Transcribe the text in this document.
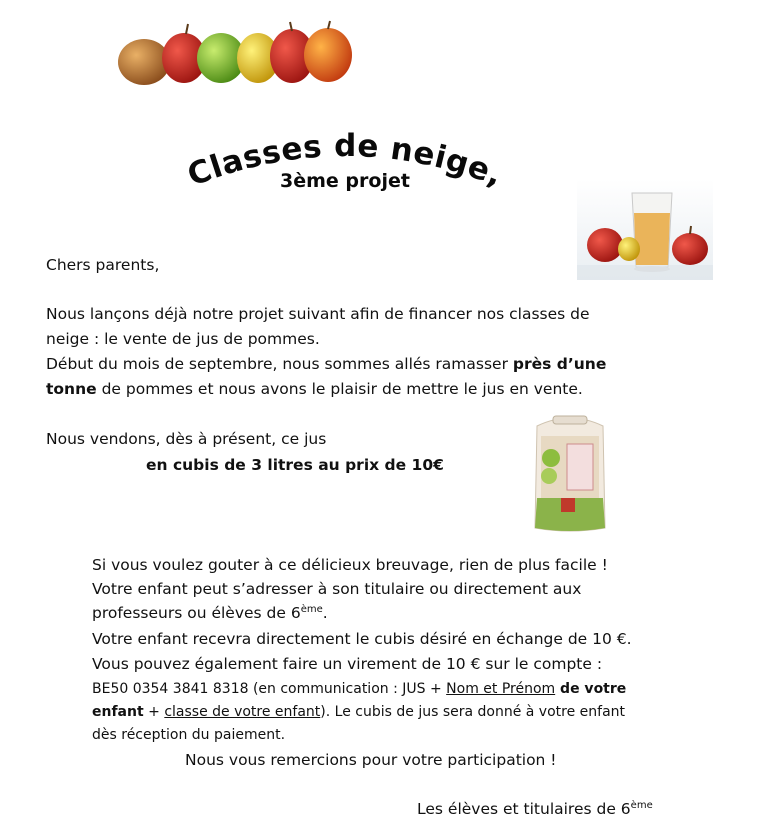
Classes de neige,
3ème projet
Chers parents,
Nous lançons déjà notre projet suivant afin de financer nos classes de
neige : le vente de jus de pommes.
Début du mois de septembre, nous sommes allés ramasser près d’une
tonne de pommes et nous avons le plaisir de mettre le jus en vente.
Nous vendons, dès à présent, ce jus
en cubis de 3 litres au prix de 10€
Si vous voulez gouter à ce délicieux breuvage, rien de plus facile !
Votre enfant peut s’adresser à son titulaire ou directement aux
professeurs ou élèves de 6ème.
Votre enfant recevra directement le cubis désiré en échange de 10 €.
Vous pouvez également faire un virement de 10 € sur le compte :
BE50 0354 3841 8318 (en communication : JUS + Nom et Prénom de votre
enfant + classe de votre enfant). Le cubis de jus sera donné à votre enfant
dès réception du paiement.
Nous vous remercions pour votre participation !
Les élèves et titulaires de 6ème
